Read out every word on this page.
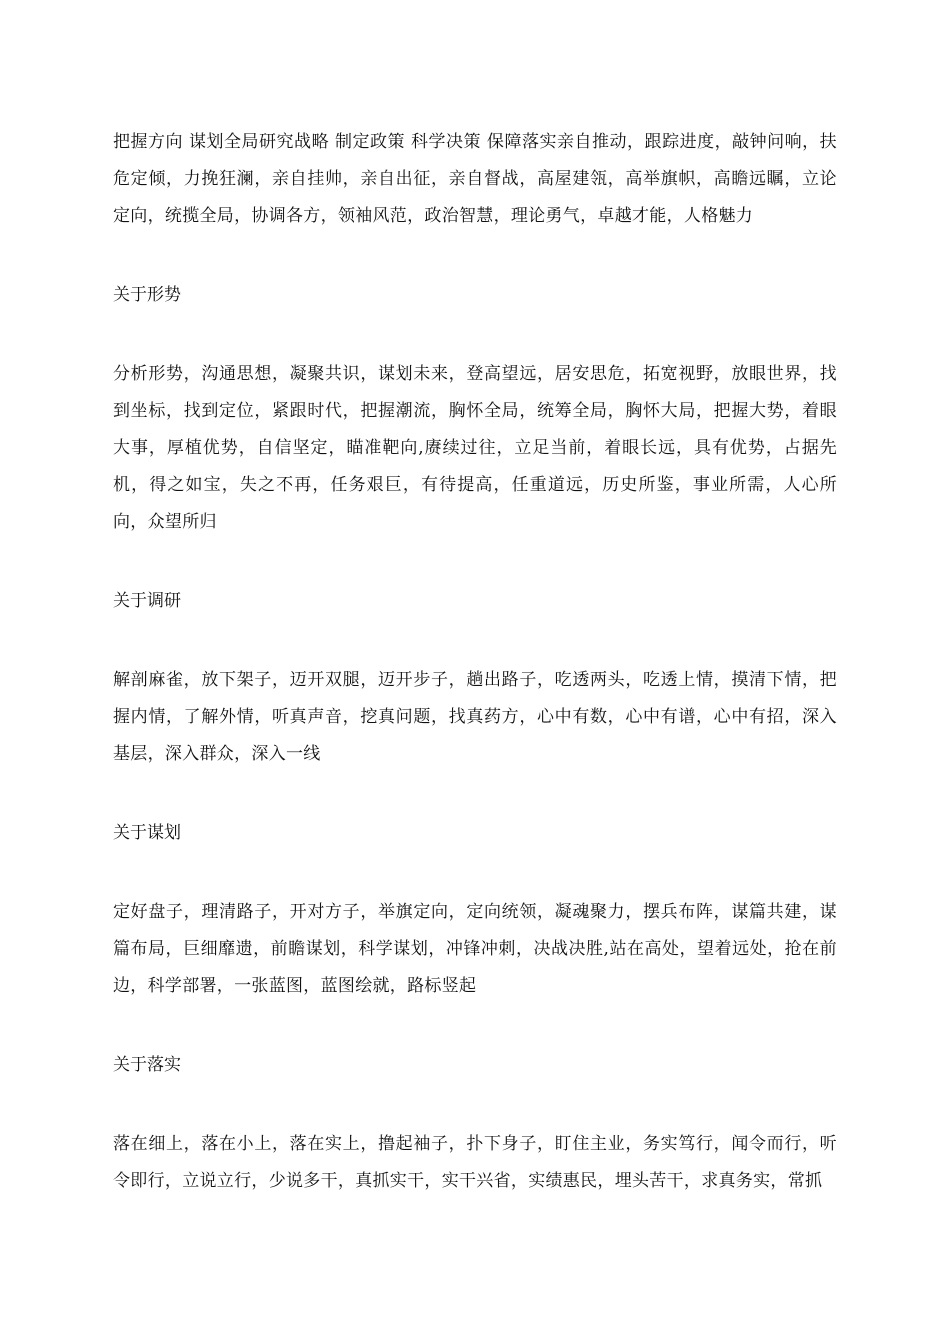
把握方向 谋划全局研究战略 制定政策 科学决策 保障落实亲自推动，跟踪进度，敲钟问响，扶危定倾，力挽狂澜，亲自挂帅，亲自出征，亲自督战，高屋建瓴，高举旗帜，高瞻远瞩，立论定向，统揽全局，协调各方，领袖风范，政治智慧，理论勇气，卓越才能，人格魅力

关于形势

分析形势，沟通思想，凝聚共识，谋划未来，登高望远，居安思危，拓宽视野，放眼世界，找到坐标，找到定位，紧跟时代，把握潮流，胸怀全局，统筹全局，胸怀大局，把握大势，着眼大事，厚植优势，自信坚定，瞄准靶向,赓续过往，立足当前，着眼长远，具有优势，占据先机，得之如宝，失之不再，任务艰巨，有待提高，任重道远，历史所鉴，事业所需，人心所向，众望所归

关于调研

解剖麻雀，放下架子，迈开双腿，迈开步子，趟出路子，吃透两头，吃透上情，摸清下情，把握内情，了解外情，听真声音，挖真问题，找真药方，心中有数，心中有谱，心中有招，深入基层，深入群众，深入一线

关于谋划

定好盘子，理清路子，开对方子，举旗定向，定向统领，凝魂聚力，摆兵布阵，谋篇共建，谋篇布局，巨细靡遗，前瞻谋划，科学谋划，冲锋冲刺，决战决胜,站在高处，望着远处，抢在前边，科学部署，一张蓝图，蓝图绘就，路标竖起

关于落实

落在细上，落在小上，落在实上，撸起袖子，扑下身子，盯住主业，务实笃行，闻令而行，听令即行，立说立行，少说多干，真抓实干，实干兴省，实绩惠民，埋头苦干，求真务实，常抓
